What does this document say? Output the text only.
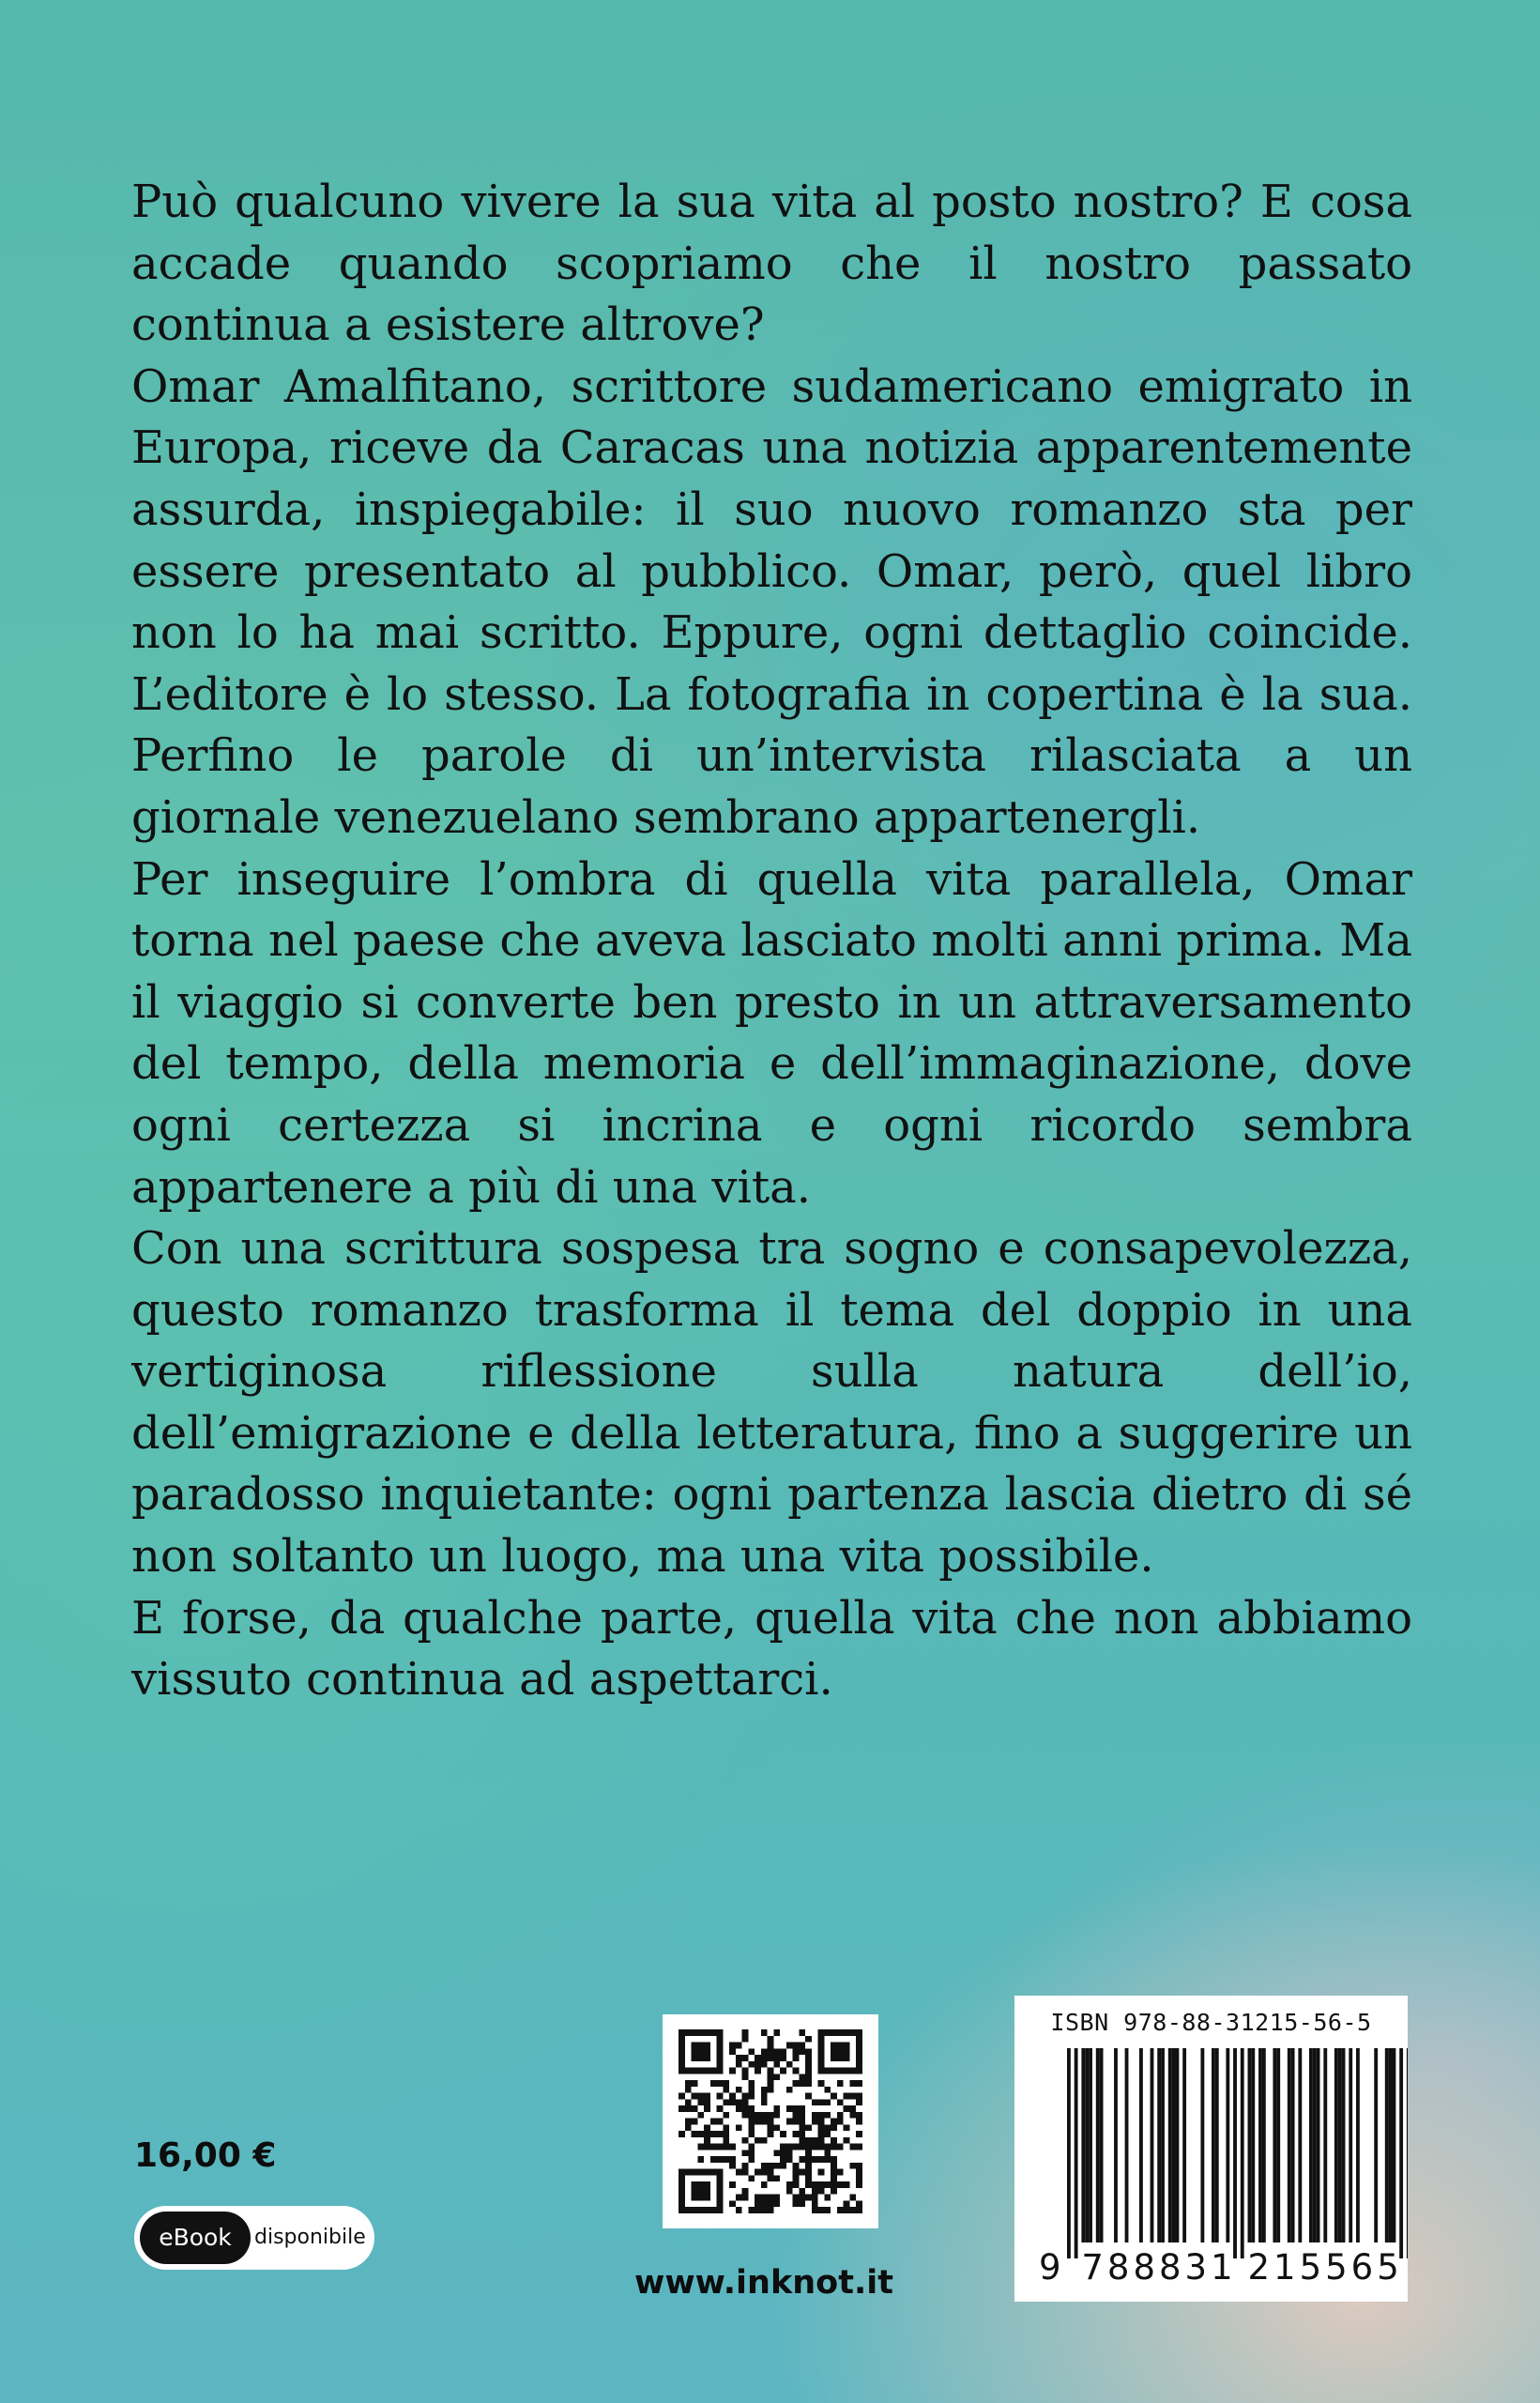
Può qualcuno vivere la sua vita al posto nostro? E cosa accade quando scopriamo che il nostro passato continua a esistere altrove?

Omar Amalfitano, scrittore sudamericano emigrato in Europa, riceve da Caracas una notizia apparentemente assurda, inspiegabile: il suo nuovo romanzo sta per essere presentato al pubblico. Omar, però, quel libro non lo ha mai scritto. Eppure, ogni dettaglio coincide. L’editore è lo stesso. La fotografia in copertina è la sua. Perfino le parole di un’intervista rilasciata a un giornale venezuelano sembrano appartenergli.

Per inseguire l’ombra di quella vita parallela, Omar torna nel paese che aveva lasciato molti anni prima. Ma il viaggio si converte ben presto in un attraversamento del tempo, della memoria e dell’immaginazione, dove ogni certezza si incrina e ogni ricordo sembra appartenere a più di una vita.

Con una scrittura sospesa tra sogno e consapevolezza, questo romanzo trasforma il tema del doppio in una vertiginosa riflessione sulla natura dell’io, dell’emigrazione e della letteratura, fino a suggerire un paradosso inquietante: ogni partenza lascia dietro di sé non soltanto un luogo, ma una vita possibile.

E forse, da qualche parte, quella vita che non abbiamo vissuto continua ad aspettarci.

16,00 €

eBook	disponibile

www.inknot.it

ISBN 978-88-31215-56-5

9 788831 215565
